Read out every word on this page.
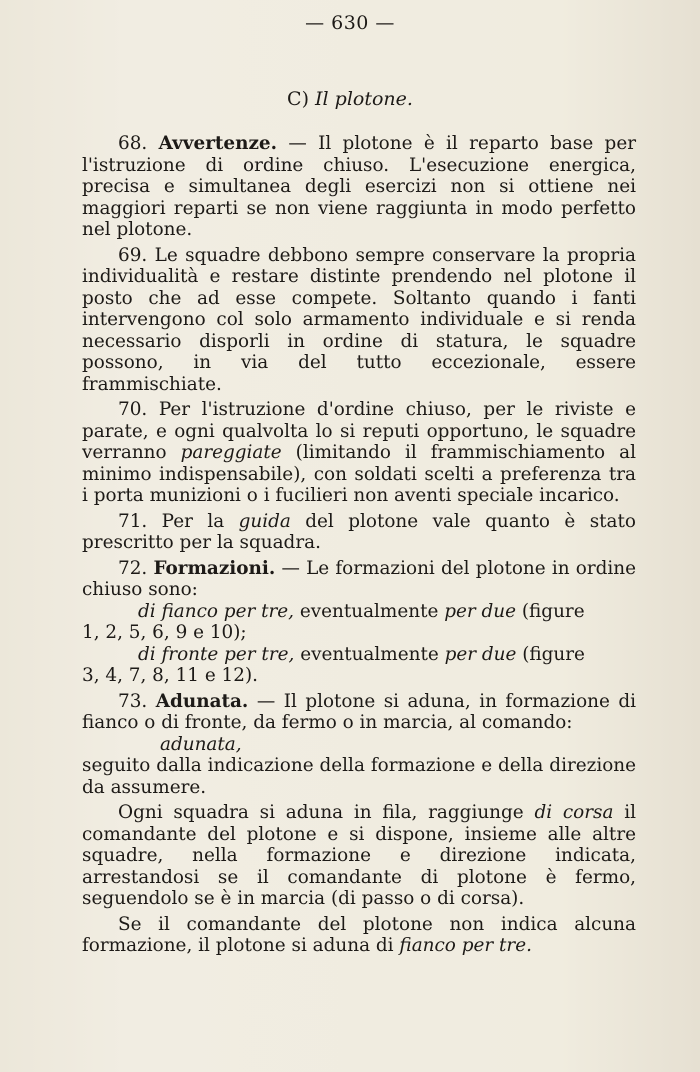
— 630 —
C) Il plotone.

68. Avvertenze. — Il plotone è il reparto base per l'istruzione di ordine chiuso. L'esecuzione energica, precisa e simultanea degli esercizi non si ottiene nei maggiori reparti se non viene raggiunta in modo perfetto nel plotone.

69. Le squadre debbono sempre conservare la propria individualità e restare distinte prendendo nel plotone il posto che ad esse compete. Soltanto quando i fanti intervengono col solo armamento individuale e si renda necessario disporli in ordine di statura, le squadre possono, in via del tutto eccezionale, essere frammischiate.

70. Per l'istruzione d'ordine chiuso, per le riviste e parate, e ogni qualvolta lo si reputi opportuno, le squadre verranno pareggiate (limitando il frammischiamento al minimo indispensabile), con soldati scelti a preferenza tra i porta munizioni o i fucilieri non aventi speciale incarico.

71. Per la guida del plotone vale quanto è stato prescritto per la squadra.

72. Formazioni. — Le formazioni del plotone in ordine chiuso sono:

di fianco per tre, eventualmente per due (figure
1, 2, 5, 6, 9 e 10);

di fronte per tre, eventualmente per due (figure
3, 4, 7, 8, 11 e 12).

73. Adunata. — Il plotone si aduna, in formazione di fianco o di fronte, da fermo o in marcia, al comando:

adunata,

seguito dalla indicazione della formazione e della direzione da assumere.

Ogni squadra si aduna in fila, raggiunge di corsa il comandante del plotone e si dispone, insieme alle altre squadre, nella formazione e direzione indicata, arrestandosi se il comandante di plotone è fermo, seguendolo se è in marcia (di passo o di corsa).

Se il comandante del plotone non indica alcuna formazione, il plotone si aduna di fianco per tre.
